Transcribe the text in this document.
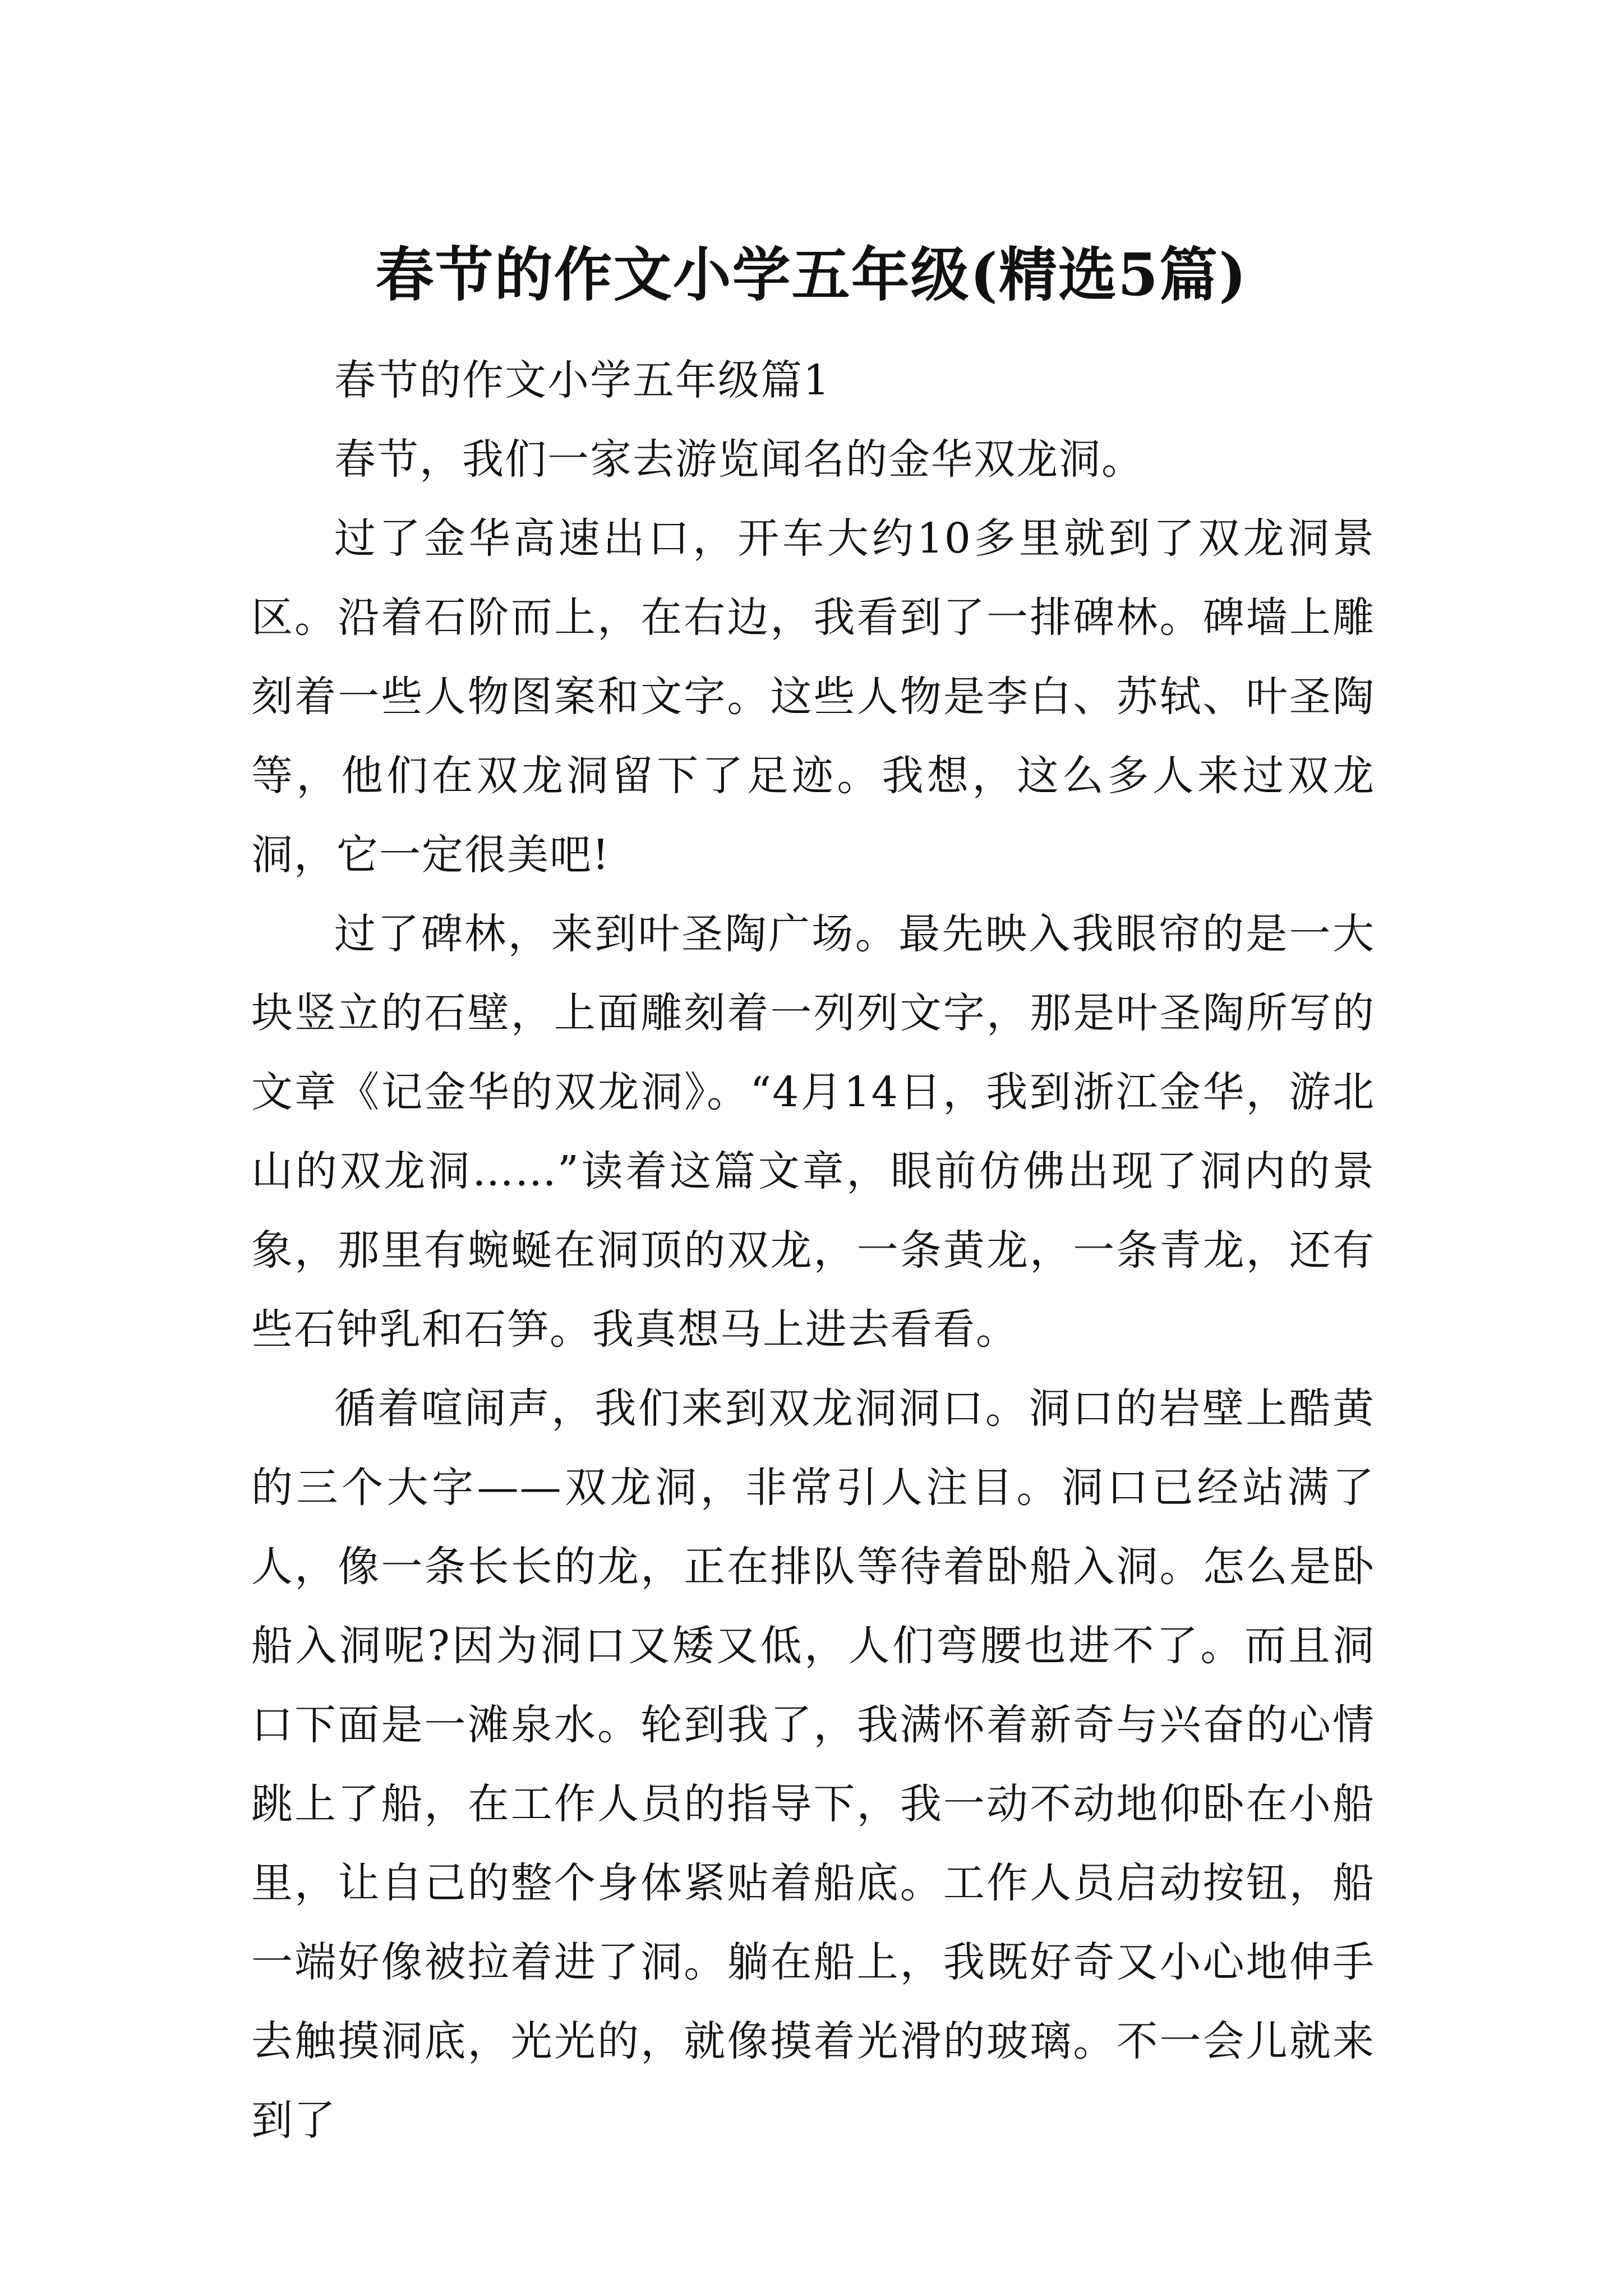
春节的作文小学五年级(精选5篇)

春节的作文小学五年级篇1

春节，我们一家去游览闻名的金华双龙洞。

过了金华高速出口，开车大约10多里就到了双龙洞景区。沿着石阶而上，在右边，我看到了一排碑林。碑墙上雕刻着一些人物图案和文字。这些人物是李白、苏轼、叶圣陶等，他们在双龙洞留下了足迹。我想，这么多人来过双龙洞，它一定很美吧!

过了碑林，来到叶圣陶广场。最先映入我眼帘的是一大块竖立的石壁，上面雕刻着一列列文字，那是叶圣陶所写的文章《记金华的双龙洞》。“4月14日，我到浙江金华，游北山的双龙洞……”读着这篇文章，眼前仿佛出现了洞内的景象，那里有蜿蜒在洞顶的双龙，一条黄龙，一条青龙，还有些石钟乳和石笋。我真想马上进去看看。

循着喧闹声，我们来到双龙洞洞口。洞口的岩壁上酷黄的三个大字——双龙洞，非常引人注目。洞口已经站满了人，像一条长长的龙，正在排队等待着卧船入洞。怎么是卧船入洞呢?因为洞口又矮又低，人们弯腰也进不了。而且洞口下面是一滩泉水。轮到我了，我满怀着新奇与兴奋的心情跳上了船，在工作人员的指导下，我一动不动地仰卧在小船里，让自己的整个身体紧贴着船底。工作人员启动按钮，船一端好像被拉着进了洞。躺在船上，我既好奇又小心地伸手去触摸洞底，光光的，就像摸着光滑的玻璃。不一会儿就来到了
